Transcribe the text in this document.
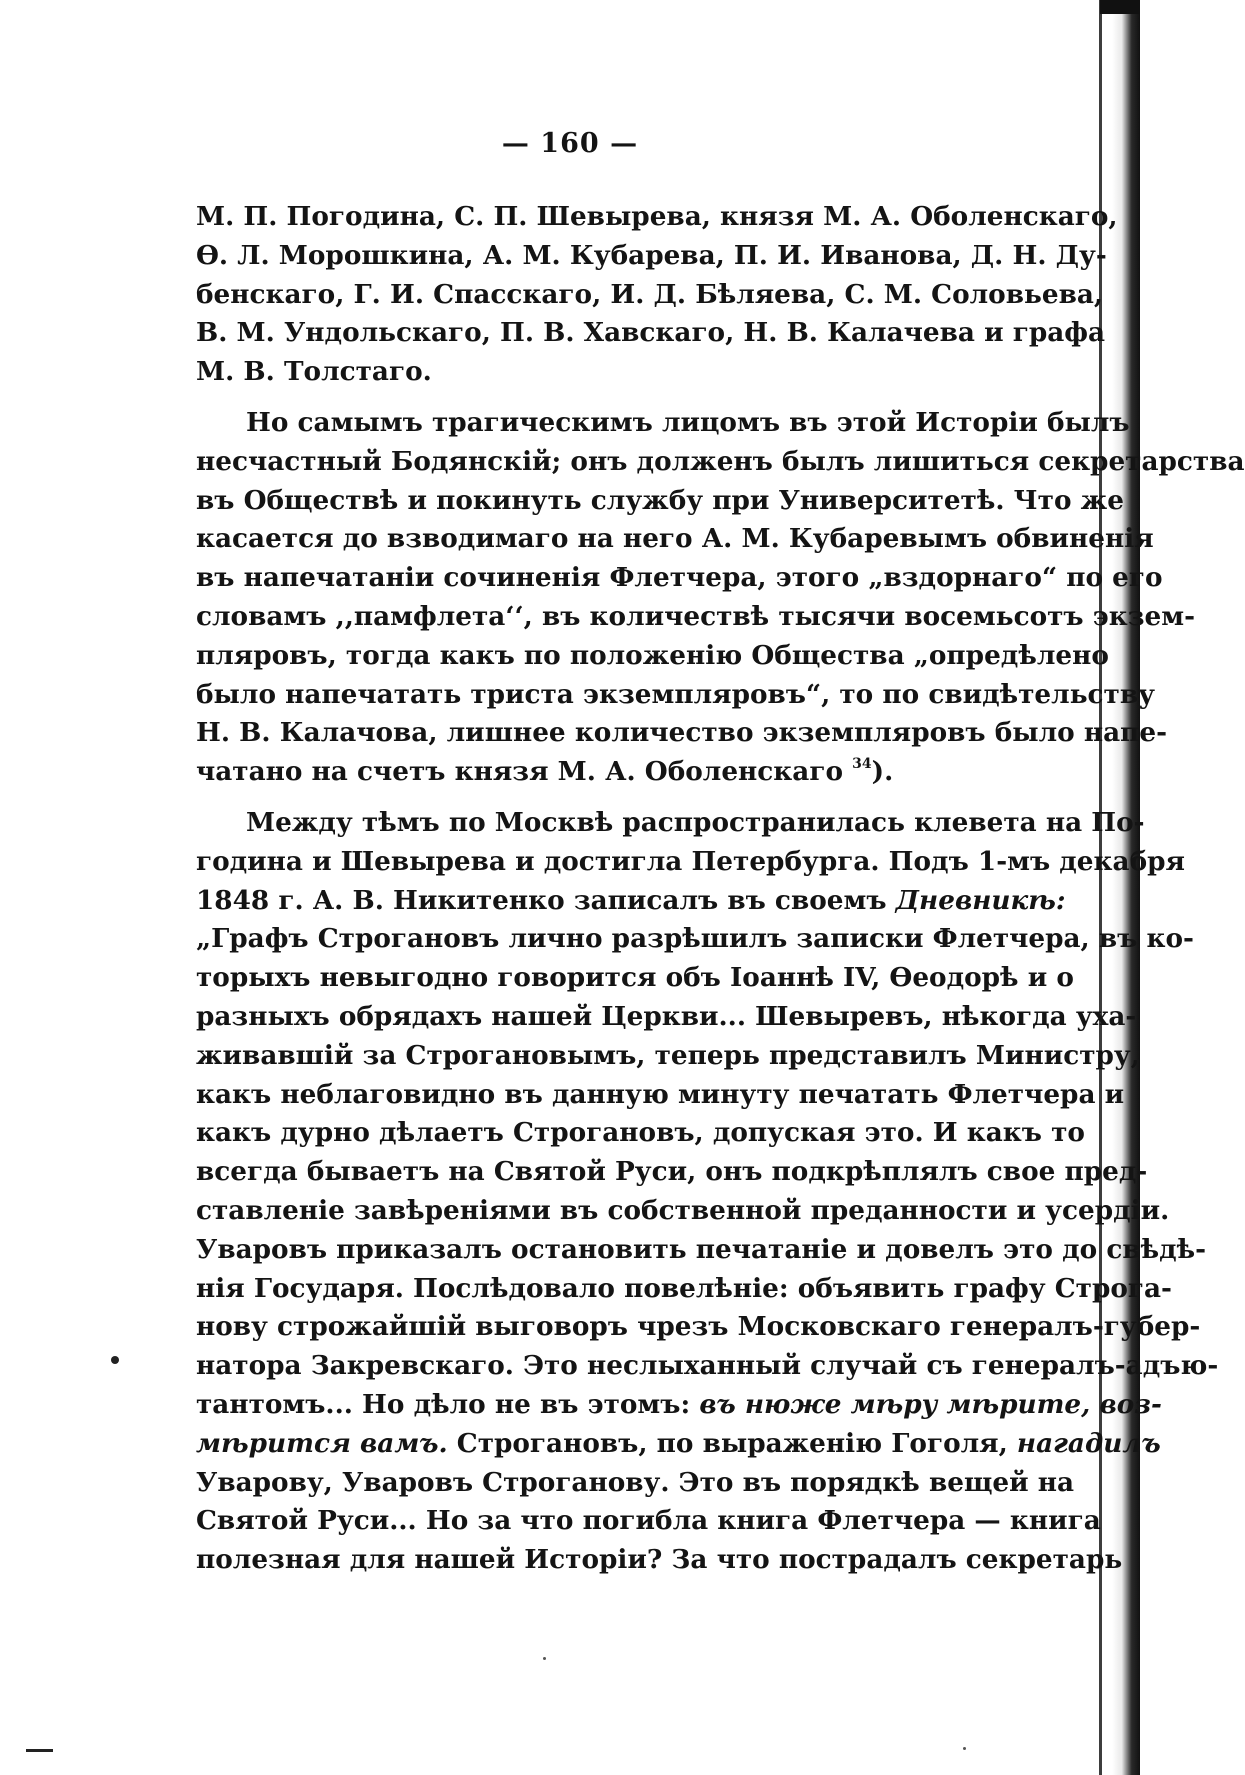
— 160 —
М. П. Погодина, С. П. Шевырева, князя М. А. Оболенскаго,
Ѳ. Л. Морошкина, А. М. Кубарева, П. И. Иванова, Д. Н. Ду-
бенскаго, Г. И. Спасскаго, И. Д. Бѣляева, С. М. Соловьева,
В. М. Ундольскаго, П. В. Хавскаго, Н. В. Калачева и графа
М. В. Толстаго.
Но самымъ трагическимъ лицомъ въ этой Исторіи былъ
несчастный Бодянскій; онъ долженъ былъ лишиться секретарства
въ Обществѣ и покинуть службу при Университетѣ. Что же
касается до взводимаго на него А. М. Кубаревымъ обвиненія
въ напечатаніи сочиненія Флетчера, этого „вздорнаго“ по его
словамъ ,,памфлета‘‘, въ количествѣ тысячи восемьсотъ экзем-
пляровъ, тогда какъ по положенію Общества „опредѣлено
было напечатать триста экземпляровъ“, то по свидѣтельству
Н. В. Калачова, лишнее количество экземпляровъ было напе-
чатано на счетъ князя М. А. Оболенскаго $^{34}$).
Между тѣмъ по Москвѣ распространилась клевета на По-
година и Шевырева и достигла Петербурга. Подъ 1-мъ декабря
1848 г. А. В. Никитенко записалъ въ своемъ Дневникѣ:
„Графъ Строгановъ лично разрѣшилъ записки Флетчера, въ ко-
торыхъ невыгодно говорится объ Іоаннѣ IV, Ѳеодорѣ и о
разныхъ обрядахъ нашей Церкви... Шевыревъ, нѣкогда уха-
живавшій за Строгановымъ, теперь представилъ Министру,
какъ неблаговидно въ данную минуту печатать Флетчера и
какъ дурно дѣлаетъ Строгановъ, допуская это. И какъ то
всегда бываетъ на Святой Руси, онъ подкрѣплялъ свое пред-
ставленіе завѣреніями въ собственной преданности и усердіи.
Уваровъ приказалъ остановить печатаніе и довелъ это до свѣдѣ-
нія Государя. Послѣдовало повелѣніе: объявить графу Строга-
нову строжайшій выговоръ чрезъ Московскаго генералъ-губер-
натора Закревскаго. Это неслыханный случай съ генералъ-адъю-
тантомъ... Но дѣло не въ этомъ: въ нюже мѣру мѣрите, воз-
мѣрится вамъ. Строгановъ, по выраженію Гоголя, нагадилъ
Уварову, Уваровъ Строганову. Это въ порядкѣ вещей на
Святой Руси... Но за что погибла книга Флетчера — книга
полезная для нашей Исторіи? За что пострадалъ секретарь
